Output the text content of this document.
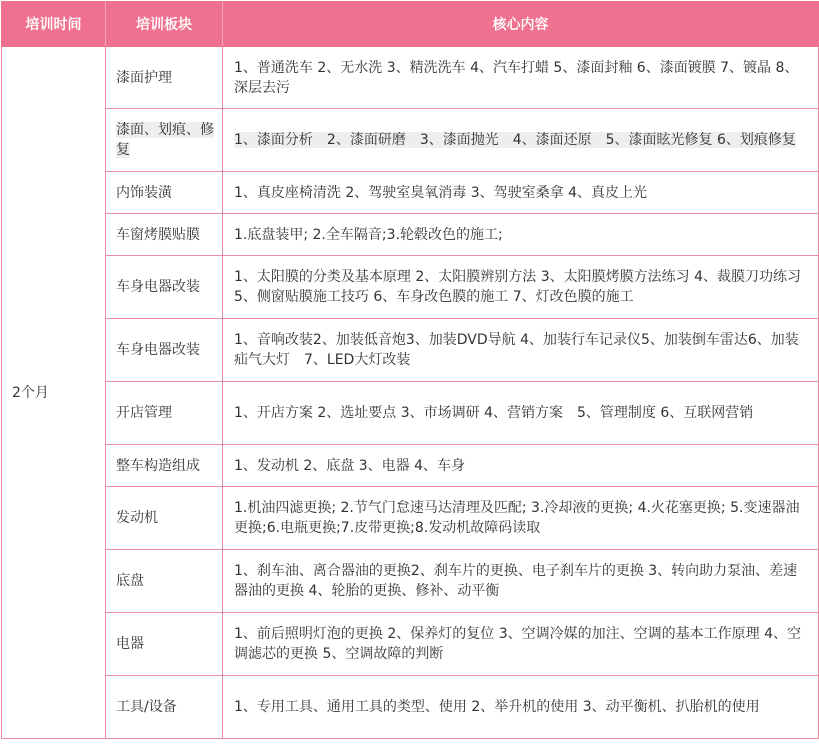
培训时间	培训板块	核心内容
2个月	漆面护理	1、普通洗车 2、无水洗 3、精洗洗车 4、汽车打蜡 5、漆面封釉 6、漆面镀膜 7、镀晶 8、深层去污
	漆面、划痕、修复	1、漆面分析　2、漆面研磨　3、漆面抛光　4、漆面还原　5、漆面眩光修复 6、划痕修复
	内饰装潢	1、真皮座椅清洗 2、驾驶室臭氧消毒 3、驾驶室桑拿 4、真皮上光
	车窗烤膜贴膜	1.底盘装甲; 2.全车隔音;3.轮毂改色的施工;
	车身电器改装	1、太阳膜的分类及基本原理 2、太阳膜辨别方法 3、太阳膜烤膜方法练习 4、裁膜刀功练习 5、侧窗贴膜施工技巧 6、车身改色膜的施工 7、灯改色膜的施工
	车身电器改装	1、音响改装2、加装低音炮3、加装DVD导航 4、加装行车记录仪5、加装倒车雷达6、加装疝气大灯　7、LED大灯改装
	开店管理	1、开店方案 2、选址要点 3、市场调研 4、营销方案　5、管理制度 6、互联网营销
	整车构造组成	1、发动机 2、底盘 3、电器 4、车身
	发动机	1.机油四滤更换; 2.节气门怠速马达清理及匹配; 3.冷却液的更换; 4.火花塞更换; 5.变速器油更换;6.电瓶更换;7.皮带更换;8.发动机故障码读取
	底盘	1、刹车油、离合器油的更换2、刹车片的更换、电子刹车片的更换 3、转向助力泵油、差速器油的更换 4、轮胎的更换、修补、动平衡
	电器	1、前后照明灯泡的更换 2、保养灯的复位 3、空调冷媒的加注、空调的基本工作原理 4、空调滤芯的更换 5、空调故障的判断
	工具/设备	1、专用工具、通用工具的类型、使用 2、举升机的使用 3、动平衡机、扒胎机的使用
